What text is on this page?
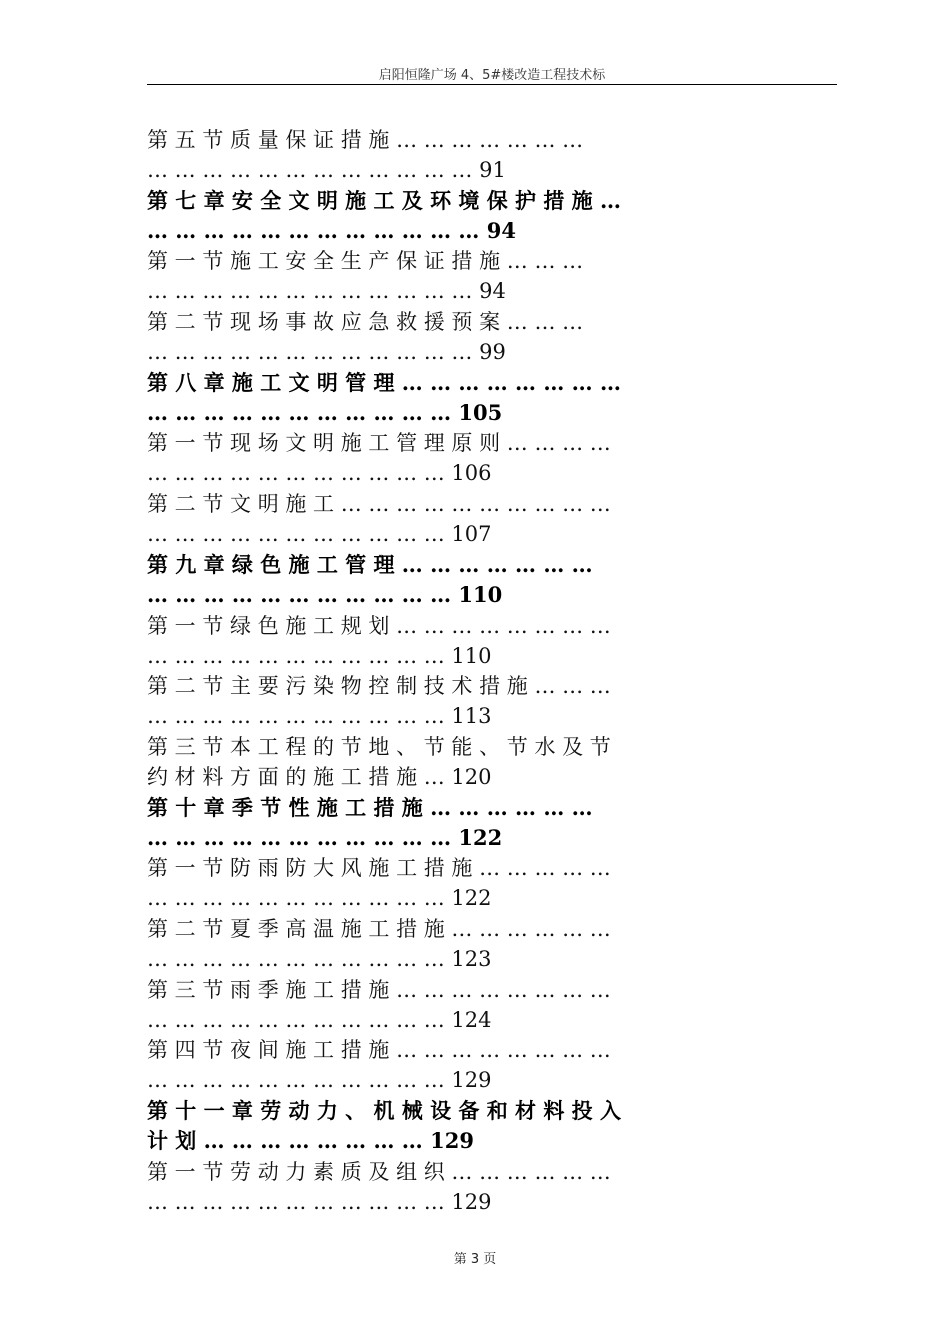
启阳恒隆广场 4、5#楼改造工程技术标
第 五 节 质 量 保 证 措 施 … … … … … … …
… … … … … … … … … … … … 91
第 七 章 安 全 文 明 施 工 及 环 境 保 护 措 施 …
… … … … … … … … … … … … 94
第 一 节 施 工 安 全 生 产 保 证 措 施 … … …
… … … … … … … … … … … … 94
第 二 节 现 场 事 故 应 急 救 援 预 案 … … …
… … … … … … … … … … … … 99
第 八 章 施 工 文 明 管 理 … … … … … … … …
… … … … … … … … … … … 105
第 一 节 现 场 文 明 施 工 管 理 原 则 … … … …
… … … … … … … … … … … 106
第 二 节 文 明 施 工 … … … … … … … … … …
… … … … … … … … … … … 107
第 九 章 绿 色 施 工 管 理 … … … … … … …
… … … … … … … … … … … 110
第 一 节 绿 色 施 工 规 划 … … … … … … … …
… … … … … … … … … … … 110
第 二 节 主 要 污 染 物 控 制 技 术 措 施 … … …
… … … … … … … … … … … 113
第 三 节 本 工 程 的 节 地 、 节 能 、 节 水 及 节
约 材 料 方 面 的 施 工 措 施 … 120
第 十 章 季 节 性 施 工 措 施 … … … … … …
… … … … … … … … … … … 122
第 一 节 防 雨 防 大 风 施 工 措 施 … … … … …
… … … … … … … … … … … 122
第 二 节 夏 季 高 温 施 工 措 施 … … … … … …
… … … … … … … … … … … 123
第 三 节 雨 季 施 工 措 施 … … … … … … … …
… … … … … … … … … … … 124
第 四 节 夜 间 施 工 措 施 … … … … … … … …
… … … … … … … … … … … 129
第 十 一 章 劳 动 力 、 机 械 设 备 和 材 料 投 入
计 划 … … … … … … … … 129
第 一 节 劳 动 力 素 质 及 组 织 … … … … … …
… … … … … … … … … … … 129
第 3 页
